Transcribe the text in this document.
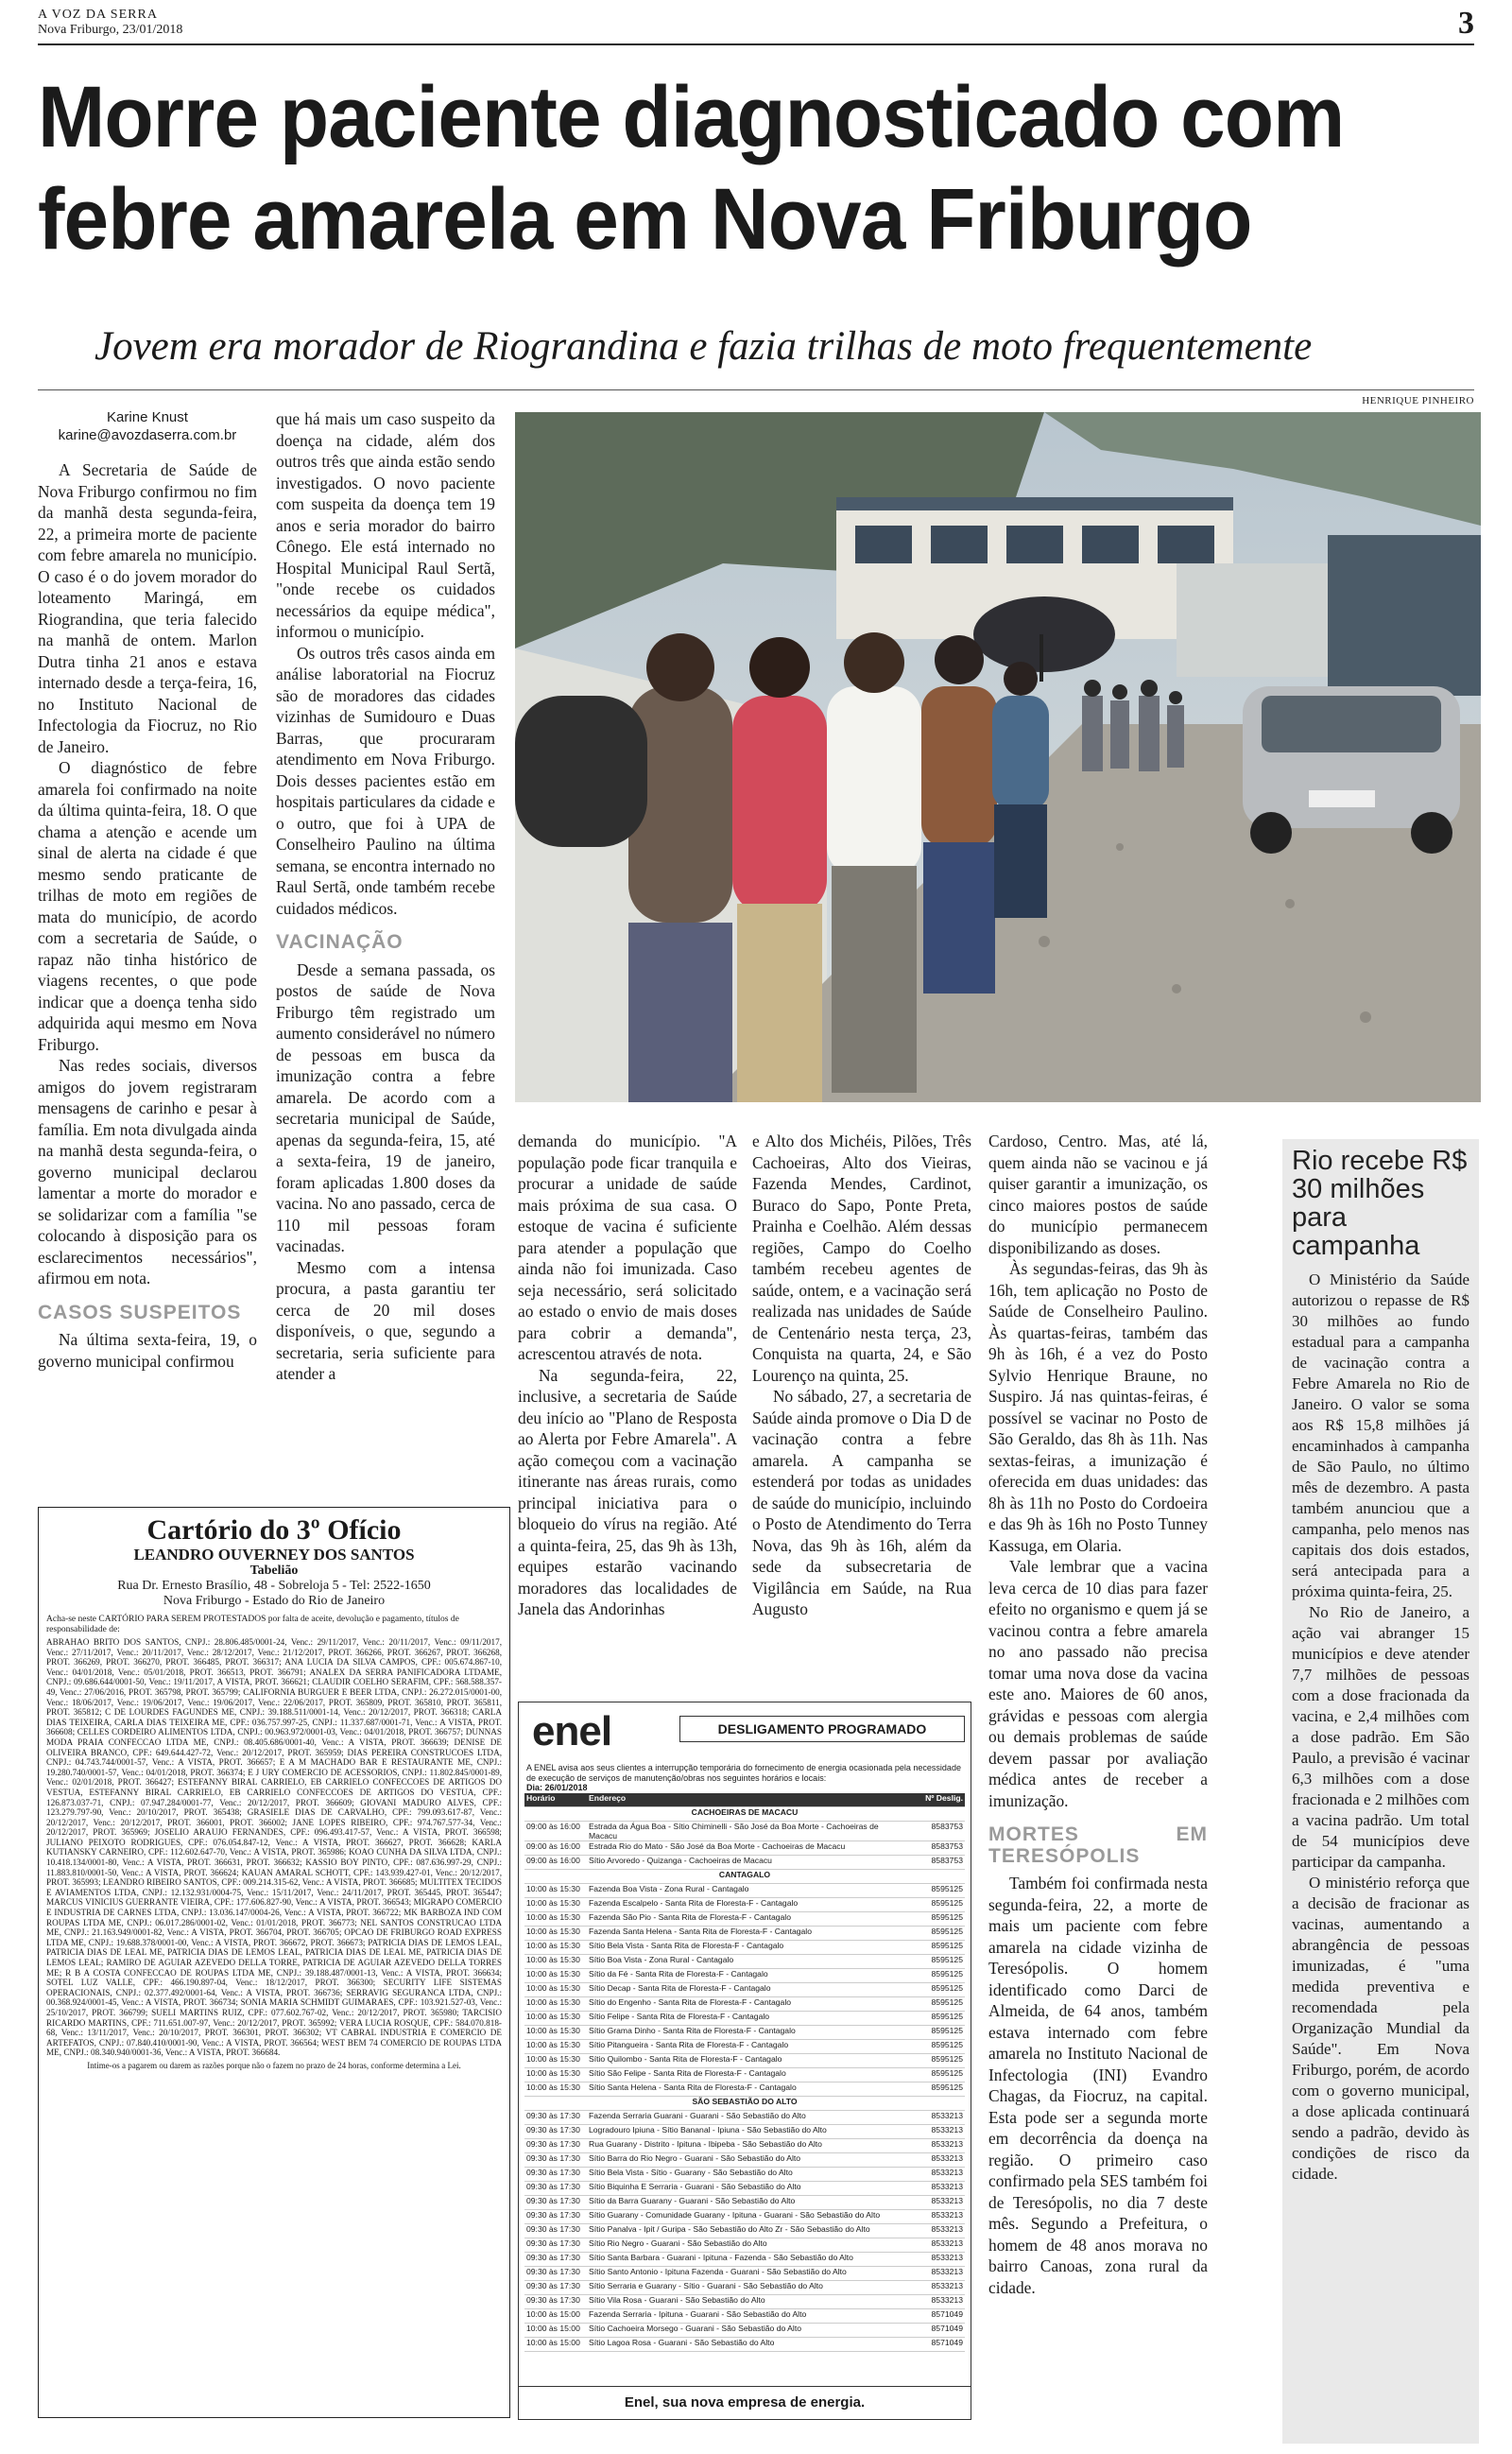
A VOZ DA SERRA
Nova Friburgo, 23/01/2018	3
Morre paciente diagnosticado com febre amarela em Nova Friburgo
Jovem era morador de Riograndina e fazia trilhas de moto frequentemente
Karine Knust
karine@avozdaserra.com.br

A Secretaria de Saúde de Nova Friburgo confirmou no fim da manhã desta segunda-feira, 22, a primeira morte de paciente com febre amarela no município. O caso é o do jovem morador do loteamento Maringá, em Riograndina, que teria falecido na manhã de ontem. Marlon Dutra tinha 21 anos e estava internado desde a terça-feira, 16, no Instituto Nacional de Infectologia da Fiocruz, no Rio de Janeiro.

O diagnóstico de febre amarela foi confirmado na noite da última quinta-feira, 18. O que chama a atenção e acende um sinal de alerta na cidade é que mesmo sendo praticante de trilhas de moto em regiões de mata do município, de acordo com a secretaria de Saúde, o rapaz não tinha histórico de viagens recentes, o que pode indicar que a doença tenha sido adquirida aqui mesmo em Nova Friburgo.

Nas redes sociais, diversos amigos do jovem registraram mensagens de carinho e pesar à família. Em nota divulgada ainda na manhã desta segunda-feira, o governo municipal declarou lamentar a morte do morador e se solidarizar com a família "se colocando à disposição para os esclarecimentos necessários", afirmou em nota.

CASOS SUSPEITOS

Na última sexta-feira, 19, o governo municipal confirmou

que há mais um caso suspeito da doença na cidade, além dos outros três que ainda estão sendo investigados. O novo paciente com suspeita da doença tem 19 anos e seria morador do bairro Cônego. Ele está internado no Hospital Municipal Raul Sertã, "onde recebe os cuidados necessários da equipe médica", informou o município.

Os outros três casos ainda em análise laboratorial na Fiocruz são de moradores das cidades vizinhas de Sumidouro e Duas Barras, que procuraram atendimento em Nova Friburgo. Dois desses pacientes estão em hospitais particulares da cidade e o outro, que foi à UPA de Conselheiro Paulino na última semana, se encontra internado no Raul Sertã, onde também recebe cuidados médicos.

VACINAÇÃO

Desde a semana passada, os postos de saúde de Nova Friburgo têm registrado um aumento considerável no número de pessoas em busca da imunização contra a febre amarela. De acordo com a secretaria municipal de Saúde, apenas da segunda-feira, 15, até a sexta-feira, 19 de janeiro, foram aplicadas 1.800 doses da vacina. No ano passado, cerca de 110 mil pessoas foram vacinadas.

Mesmo com a intensa procura, a pasta garantiu ter cerca de 20 mil doses disponíveis, o que, segundo a secretaria, seria suficiente para atender a

HENRIQUE PINHEIRO

demanda do município. "A população pode ficar tranquila e procurar a unidade de saúde mais próxima de sua casa. O estoque de vacina é suficiente para atender a população que ainda não foi imunizada. Caso seja necessário, será solicitado ao estado o envio de mais doses para cobrir a demanda", acrescentou através de nota.

Na segunda-feira, 22, inclusive, a secretaria de Saúde deu início ao "Plano de Resposta ao Alerta por Febre Amarela". A ação começou com a vacinação itinerante nas áreas rurais, como principal iniciativa para o bloqueio do vírus na região. Até a quinta-feira, 25, das 9h às 13h, equipes estarão vacinando moradores das localidades de Janela das Andorinhas

e Alto dos Michéis, Pilões, Três Cachoeiras, Alto dos Vieiras, Fazenda Mendes, Cardinot, Buraco do Sapo, Ponte Preta, Prainha e Coelhão. Além dessas regiões, Campo do Coelho também recebeu agentes de saúde, ontem, e a vacinação será realizada nas unidades de Saúde de Centenário nesta terça, 23, Conquista na quarta, 24, e São Lourenço na quinta, 25.

No sábado, 27, a secretaria de Saúde ainda promove o Dia D de vacinação contra a febre amarela. A campanha se estenderá por todas as unidades de saúde do município, incluindo o Posto de Atendimento do Terra Nova, das 9h às 16h, além da sede da subsecretaria de Vigilância em Saúde, na Rua Augusto

Cardoso, Centro. Mas, até lá, quem ainda não se vacinou e já quiser garantir a imunização, os cinco maiores postos de saúde do município permanecem disponibilizando as doses.

Às segundas-feiras, das 9h às 16h, tem aplicação no Posto de Saúde de Conselheiro Paulino. Às quartas-feiras, também das 9h às 16h, é a vez do Posto Sylvio Henrique Braune, no Suspiro. Já nas quintas-feiras, é possível se vacinar no Posto de São Geraldo, das 8h às 11h. Nas sextas-feiras, a imunização é oferecida em duas unidades: das 8h às 11h no Posto do Cordoeira e das 9h às 16h no Posto Tunney Kassuga, em Olaria.

Vale lembrar que a vacina leva cerca de 10 dias para fazer efeito no organismo e quem já se vacinou contra a febre amarela no ano passado não precisa tomar uma nova dose da vacina este ano. Maiores de 60 anos, grávidas e pessoas com alergia ou demais problemas de saúde devem passar por avaliação médica antes de receber a imunização.

MORTES EM TERESÓPOLIS

Também foi confirmada nesta segunda-feira, 22, a morte de mais um paciente com febre amarela na cidade vizinha de Teresópolis. O homem identificado como Darci de Almeida, de 64 anos, também estava internado com febre amarela no Instituto Nacional de Infectologia (INI) Evandro Chagas, da Fiocruz, na capital. Esta pode ser a segunda morte em decorrência da doença na região. O primeiro caso confirmado pela SES também foi de Teresópolis, no dia 7 deste mês. Segundo a Prefeitura, o homem de 48 anos morava no bairro Canoas, zona rural da cidade.

Rio recebe R$ 30 milhões para campanha

O Ministério da Saúde autorizou o repasse de R$ 30 milhões ao fundo estadual para a campanha de vacinação contra a Febre Amarela no Rio de Janeiro. O valor se soma aos R$ 15,8 milhões já encaminhados à campanha de São Paulo, no último mês de dezembro. A pasta também anunciou que a campanha, pelo menos nas capitais dos dois estados, será antecipada para a próxima quinta-feira, 25.

No Rio de Janeiro, a ação vai abranger 15 municípios e deve atender 7,7 milhões de pessoas com a dose fracionada da vacina, e 2,4 milhões com a dose padrão. Em São Paulo, a previsão é vacinar 6,3 milhões com a dose fracionada e 2 milhões com a vacina padrão. Um total de 54 municípios deve participar da campanha.

O ministério reforça que a decisão de fracionar as vacinas, aumentando a abrangência de pessoas imunizadas, é "uma medida preventiva e recomendada pela Organização Mundial da Saúde". Em Nova Friburgo, porém, de acordo com o governo municipal, a dose aplicada continuará sendo a padrão, devido às condições de risco da cidade.

Cartório do 3º Ofício
LEANDRO OUVERNEY DOS SANTOS
Tabelião
Rua Dr. Ernesto Brasílio, 48 - Sobreloja 5 - Tel: 2522-1650
Nova Friburgo - Estado do Rio de Janeiro
Acha-se neste CARTÓRIO PARA SEREM PROTESTADOS por falta de aceite, devolução e pagamento, títulos de responsabilidade de:
ABRAHAO BRITO DOS SANTOS, CNPJ.: 28.806.485/0001-24, Venc.: 29/11/2017, Venc.: 20/11/2017, Venc.: 09/11/2017, Venc.: 27/11/2017, Venc.: 20/11/2017, Venc.: 28/12/2017, Venc.: 21/12/2017, PROT. 366266, PROT. 366267, PROT. 366268, PROT. 366269, PROT. 366270, PROT. 366485, PROT. 366317; ANA LUCIA DA SILVA CAMPOS, CPF.: 005.674.867-10, Venc.: 04/01/2018, Venc.: 05/01/2018, PROT. 366513, PROT. 366791; ANALEX DA SERRA PANIFICADORA LTDAME, CNPJ.: 09.686.644/0001-50, Venc.: 19/11/2017, A VISTA, PROT. 366621; CLAUDIR COELHO SERAFIM, CPF.: 568.588.357-49, Venc.: 27/06/2016, PROT. 365798, PROT. 365799; CALIFORNIA BURGUER E BEER LTDA, CNPJ.: 26.272.015/0001-00, Venc.: 18/06/2017, Venc.: 19/06/2017, Venc.: 19/06/2017, Venc.: 22/06/2017, PROT. 365809, PROT. 365810, PROT. 365811, PROT. 365812; C DE LOURDES FAGUNDES ME, CNPJ.: 39.188.511/0001-14, Venc.: 20/12/2017, PROT. 366318; CARLA DIAS TEIXEIRA, CARLA DIAS TEIXEIRA ME, CPF.: 036.757.997-25, CNPJ.: 11.337.687/0001-71, Venc.: A VISTA, PROT. 366608; CELLES CORDEIRO ALIMENTOS LTDA, CNPJ.: 00.963.972/0001-03, Venc.: 04/01/2018, PROT. 366757; DUNNAS MODA PRAIA CONFECCAO LTDA ME, CNPJ.: 08.405.686/0001-40, Venc.: A VISTA, PROT. 366639; DENISE DE OLIVEIRA BRANCO, CPF.: 649.644.427-72, Venc.: 20/12/2017, PROT. 365959; DIAS PEREIRA CONSTRUCOES LTDA, CNPJ.: 04.743.744/0001-57, Venc.: A VISTA, PROT. 366657; E A M MACHADO BAR E RESTAURANTE ME, CNPJ.: 19.280.740/0001-57, Venc.: 04/01/2018, PROT. 366374; E J URY COMERCIO DE ACESSORIOS, CNPJ.: 11.802.845/0001-89, Venc.: 02/01/2018, PROT. 366427; ESTEFANNY BIRAL CARRIELO, EB CARRIELO CONFECCOES DE ARTIGOS DO VESTUA, ESTEFANNY BIRAL CARRIELO, EB CARRIELO CONFECCOES DE ARTIGOS DO VESTUA, CPF.: 126.873.037-71, CNPJ.: 07.947.284/0001-77, Venc.: 20/12/2017, PROT. 366609; GIOVANI MADURO ALVES, CPF.: 123.279.797-90, Venc.: 20/10/2017, PROT. 365438; GRASIELE DIAS DE CARVALHO, CPF.: 799.093.617-87, Venc.: 20/12/2017, Venc.: 20/12/2017, PROT. 366001, PROT. 366002; JANE LOPES RIBEIRO, CPF.: 974.767.577-34, Venc.: 20/12/2017, PROT. 365969; JOSELIO ARAUJO FERNANDES, CPF.: 096.493.417-57, Venc.: A VISTA, PROT. 366598; JULIANO PEIXOTO RODRIGUES, CPF.: 076.054.847-12, Venc.: A VISTA, PROT. 366627, PROT. 366628; KARLA KUTIANSKY CARNEIRO, CPF.: 112.602.647-70, Venc.: A VISTA, PROT. 365986; KOAO CUNHA DA SILVA LTDA, CNPJ.: 10.418.134/0001-80, Venc.: A VISTA, PROT. 366631, PROT. 366632; KASSIO BOY PINTO, CPF.: 087.636.997-29, CNPJ.: 11.883.810/0001-50, Venc.: A VISTA, PROT. 366624; KAUAN AMARAL SCHOTT, CPF.: 143.939.427-01, Venc.: 20/12/2017, PROT. 365993; LEANDRO RIBEIRO SANTOS, CPF.: 009.214.315-62, Venc.: A VISTA, PROT. 366685; MULTITEX TECIDOS E AVIAMENTOS LTDA, CNPJ.: 12.132.931/0004-75, Venc.: 15/11/2017, Venc.: 24/11/2017, PROT. 365445, PROT. 365447; MARCUS VINICIUS GUERRANTE VIEIRA, CPF.: 177.606.827-90, Venc.: A VISTA, PROT. 366543; MIGRAPO COMERCIO E INDUSTRIA DE CARNES LTDA, CNPJ.: 13.036.147/0004-26, Venc.: A VISTA, PROT. 366722; MK BARBOZA IND COM ROUPAS LTDA ME, CNPJ.: 06.017.286/0001-02, Venc.: 01/01/2018, PROT. 366773; NEL SANTOS CONSTRUCAO LTDA ME, CNPJ.: 21.163.949/0001-82, Venc.: A VISTA, PROT. 366704, PROT. 366705; OPCAO DE FRIBURGO ROAD EXPRESS LTDA ME, CNPJ.: 19.688.378/0001-00, Venc.: A VISTA, PROT. 366672, PROT. 366673; PATRICIA DIAS DE LEMOS LEAL, PATRICIA DIAS DE LEAL ME, PATRICIA DIAS DE LEMOS LEAL, PATRICIA DIAS DE LEAL ME, PATRICIA DIAS DE LEMOS LEAL; RAMIRO DE AGUIAR AZEVEDO DELLA TORRE, PATRICIA DE AGUIAR AZEVEDO DELLA TORRES ME; R B A COSTA CONFECCAO DE ROUPAS LTDA ME, CNPJ.: 39.188.487/0001-13, Venc.: A VISTA, PROT. 366634; SOTEL LUZ VALLE, CPF.: 466.190.897-04, Venc.: 18/12/2017, PROT. 366300; SECURITY LIFE SISTEMAS OPERACIONAIS, CNPJ.: 02.377.492/0001-64, Venc.: A VISTA, PROT. 366736; SERRAVIG SEGURANCA LTDA, CNPJ.: 00.368.924/0001-45, Venc.: A VISTA, PROT. 366734; SONIA MARIA SCHMIDT GUIMARAES, CPF.: 103.921.527-03, Venc.: 25/10/2017, PROT. 366799; SUELI MARTINS RUIZ, CPF.: 077.602.767-02, Venc.: 20/12/2017, PROT. 365980; TARCISIO RICARDO MARTINS, CPF.: 711.651.007-97, Venc.: 20/12/2017, PROT. 365992; VERA LUCIA ROSQUE, CPF.: 584.070.818-68, Venc.: 13/11/2017, Venc.: 20/10/2017, PROT. 366301, PROT. 366302; VT CABRAL INDUSTRIA E COMERCIO DE ARTEFATOS, CNPJ.: 07.840.410/0001-90, Venc.: A VISTA, PROT. 366564; WEST BEM 74 COMERCIO DE ROUPAS LTDA ME, CNPJ.: 08.340.940/0001-36, Venc.: A VISTA, PROT. 366684.
Intime-os a pagarem ou darem as razões porque não o fazem no prazo de 24 horas, conforme determina a Lei.
enel	DESLIGAMENTO PROGRAMADO
A ENEL avisa aos seus clientes a interrupção temporária do fornecimento de energia ocasionada pela necessidade de execução de serviços de manutenção/obras nos seguintes horários e locais:
Dia: 26/01/2018
Horário	Endereço	Nº Deslig.
CACHOEIRAS DE MACACU		
09:00 às 16:00	Estrada da Água Boa - Sítio Chiminelli - São José da Boa Morte - Cachoeiras de Macacu	8583753
09:00 às 16:00	Estrada Rio do Mato - São José da Boa Morte - Cachoeiras de Macacu	8583753
09:00 às 16:00	Sítio Arvoredo - Quizanga - Cachoeiras de Macacu	8583753
CANTAGALO		
10:00 às 15:30	Fazenda Boa Vista - Zona Rural - Cantagalo	8595125
10:00 às 15:30	Fazenda Escalpelo - Santa Rita de Floresta-F - Cantagalo	8595125
10:00 às 15:30	Fazenda São Pio - Santa Rita de Floresta-F - Cantagalo	8595125
10:00 às 15:30	Fazenda Santa Helena - Santa Rita de Floresta-F - Cantagalo	8595125
10:00 às 15:30	Sítio Bela Vista - Santa Rita de Floresta-F - Cantagalo	8595125
10:00 às 15:30	Sítio Boa Vista - Zona Rural - Cantagalo	8595125
10:00 às 15:30	Sítio da Fé - Santa Rita de Floresta-F - Cantagalo	8595125
10:00 às 15:30	Sítio Decap - Santa Rita de Floresta-F - Cantagalo	8595125
10:00 às 15:30	Sítio do Engenho - Santa Rita de Floresta-F - Cantagalo	8595125
10:00 às 15:30	Sítio Felipe - Santa Rita de Floresta-F - Cantagalo	8595125
10:00 às 15:30	Sítio Grama Dinho - Santa Rita de Floresta-F - Cantagalo	8595125
10:00 às 15:30	Sítio Pitangueira - Santa Rita de Floresta-F - Cantagalo	8595125
10:00 às 15:30	Sítio Quilombo - Santa Rita de Floresta-F - Cantagalo	8595125
10:00 às 15:30	Sítio São Felipe - Santa Rita de Floresta-F - Cantagalo	8595125
10:00 às 15:30	Sítio Santa Helena - Santa Rita de Floresta-F - Cantagalo	8595125
SÃO SEBASTIÃO DO ALTO		
09:30 às 17:30	Fazenda Serraria Guarani - Guarani - São Sebastião do Alto	8533213
09:30 às 17:30	Logradouro Ipiuna - Sítio Bananal - Ipiuna - São Sebastião do Alto	8533213
09:30 às 17:30	Rua Guarany - Distrito - Ipituna - Ibipeba - São Sebastião do Alto	8533213
09:30 às 17:30	Sítio Barra do Rio Negro - Guarani - São Sebastião do Alto	8533213
09:30 às 17:30	Sítio Bela Vista - Sítio - Guarany - São Sebastião do Alto	8533213
09:30 às 17:30	Sítio Biquinha E Serraria - Guarani - São Sebastião do Alto	8533213
09:30 às 17:30	Sítio da Barra Guarany - Guarani - São Sebastião do Alto	8533213
09:30 às 17:30	Sítio Guarany - Comunidade Guarany - Ipituna - Guarani - São Sebastião do Alto	8533213
09:30 às 17:30	Sítio Panalva - Ipit / Guripa - São Sebastião do Alto Zr - São Sebastião do Alto	8533213
09:30 às 17:30	Sítio Rio Negro - Guarani - São Sebastião do Alto	8533213
09:30 às 17:30	Sítio Santa Barbara - Guarani - Ipituna - Fazenda - São Sebastião do Alto	8533213
09:30 às 17:30	Sítio Santo Antonio - Ipituna Fazenda - Guarani - São Sebastião do Alto	8533213
09:30 às 17:30	Sítio Serraria e Guarany - Sítio - Guarani - São Sebastião do Alto	8533213
09:30 às 17:30	Sítio Vila Rosa - Guarani - São Sebastião do Alto	8533213
10:00 às 15:00	Fazenda Serraria - Ipituna - Guarani - São Sebastião do Alto	8571049
10:00 às 15:00	Sítio Cachoeira Morsego - Guarani - São Sebastião do Alto	8571049
10:00 às 15:00	Sítio Lagoa Rosa - Guarani - São Sebastião do Alto	8571049
Enel, sua nova empresa de energia.
